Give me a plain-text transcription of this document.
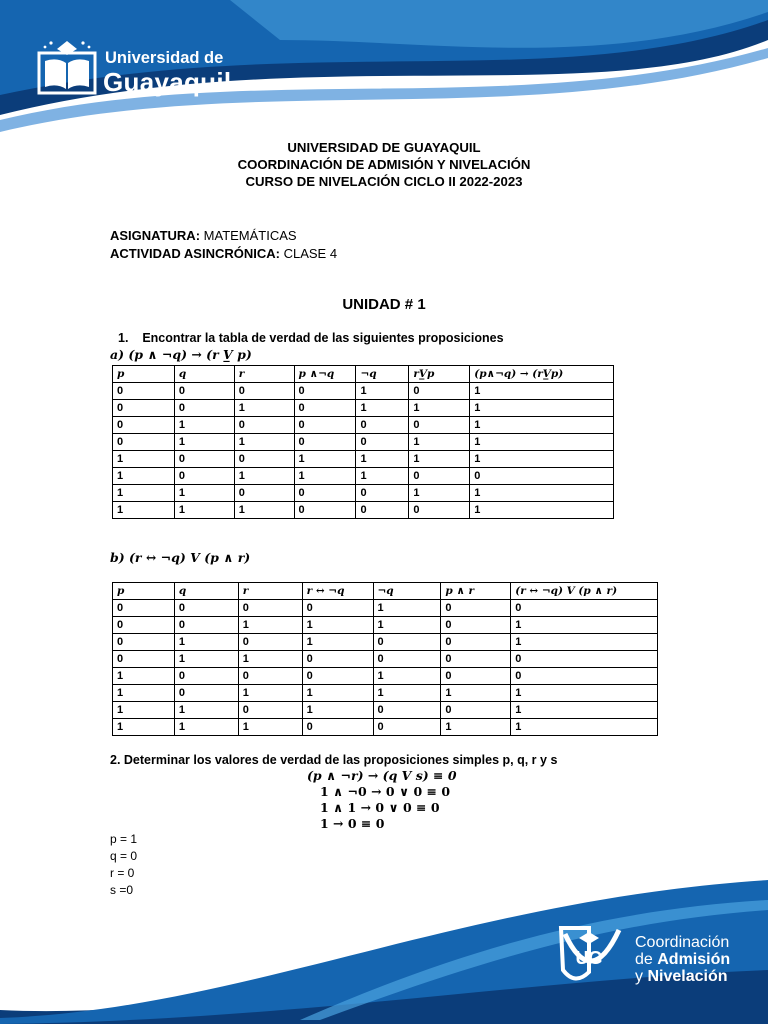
Universidad de
Guayaquil
UNIVERSIDAD DE GUAYAQUIL
COORDINACIÓN DE ADMISIÓN Y NIVELACIÓN
CURSO DE NIVELACIÓN CICLO II 2022-2023
ASIGNATURA: MATEMÁTICAS
ACTIVIDAD ASINCRÓNICA: CLASE 4
UNIDAD # 1
1.    Encontrar la tabla de verdad de las siguientes proposiciones
a) (p ∧ ¬q) → (r V̲ p)
p	q	r	p ∧¬q	¬q	rV̲p	(p∧¬q) → (rV̲p)
0	0	0	0	1	0	1
0	0	1	0	1	1	1
0	1	0	0	0	0	1
0	1	1	0	0	1	1
1	0	0	1	1	1	1
1	0	1	1	1	0	0
1	1	0	0	0	1	1
1	1	1	0	0	0	1
b) (r ↔ ¬q) V (p ∧ r)
p	q	r	r ↔ ¬q	¬q	p ∧ r	(r ↔ ¬q) V (p ∧ r)
0	0	0	0	1	0	0
0	0	1	1	1	0	1
0	1	0	1	0	0	1
0	1	1	0	0	0	0
1	0	0	0	1	0	0
1	0	1	1	1	1	1
1	1	0	1	0	0	1
1	1	1	0	0	1	1
2. Determinar los valores de verdad de las proposiciones simples p, q, r y s
(p ∧ ¬r) → (q V s) ≡ 0
1 ∧ ¬0 → 0 ∨ 0 ≡ 0
1 ∧ 1 → 0 ∨ 0 ≡ 0
1 → 0 ≡ 0
p = 1
q = 0
r = 0
s =0
UG
Coordinación
de Admisión
y Nivelación
